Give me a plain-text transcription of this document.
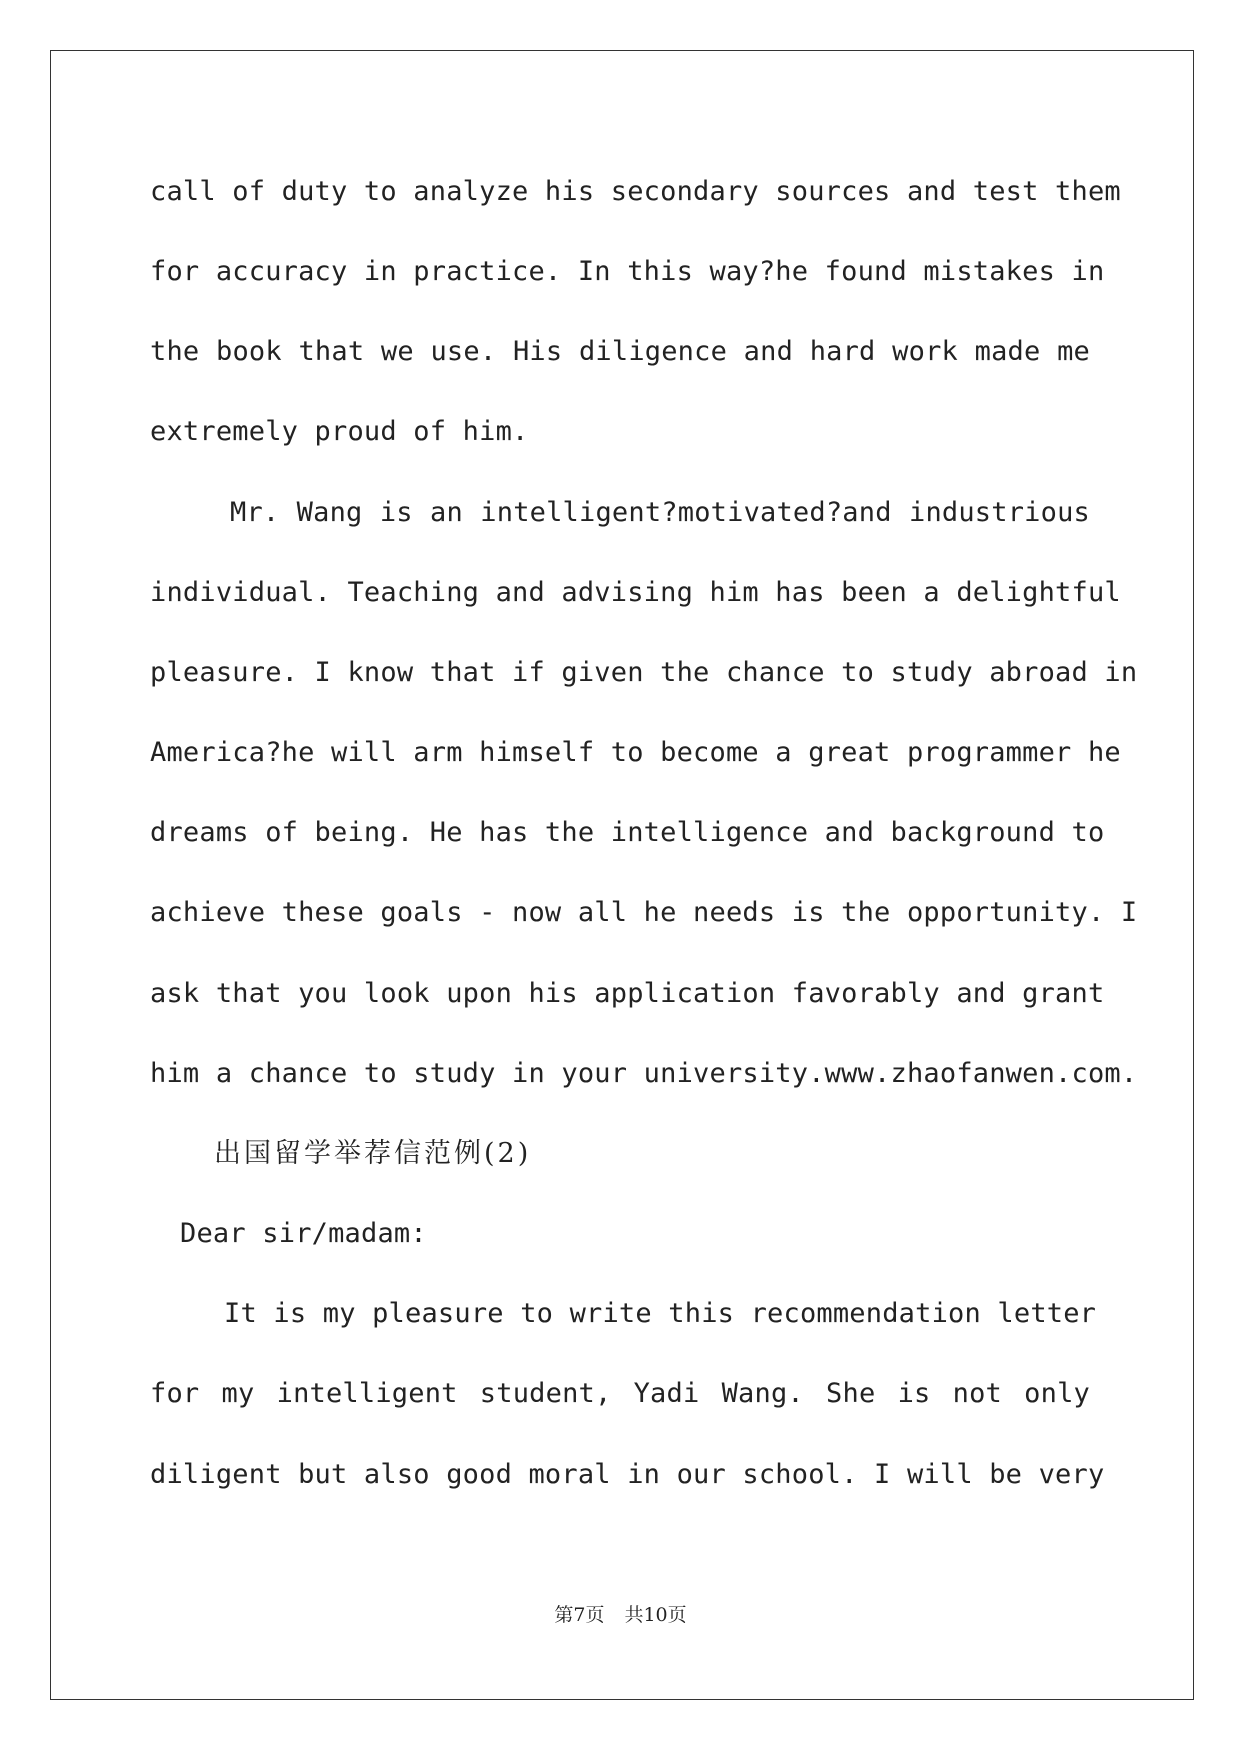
call of duty to analyze his secondary sources and test them
for accuracy in practice. In this way?he found mistakes in
the book that we use. His diligence and hard work made me
extremely proud of him.
Mr. Wang is an intelligent?motivated?and industrious
individual. Teaching and advising him has been a delightful
pleasure. I know that if given the chance to study abroad in
America?he will arm himself to become a great programmer he
dreams of being. He has the intelligence and background to
achieve these goals - now all he needs is the opportunity. I
ask that you look upon his application favorably and grant
him a chance to study in your university.www.zhaofanwen.com.
出国留学举荐信范例(2)
Dear sir/madam:
It is my pleasure to write this recommendation letter
for my intelligent student, Yadi Wang. She is not only
diligent but also good moral in our school. I will be very
第7页 共10页
